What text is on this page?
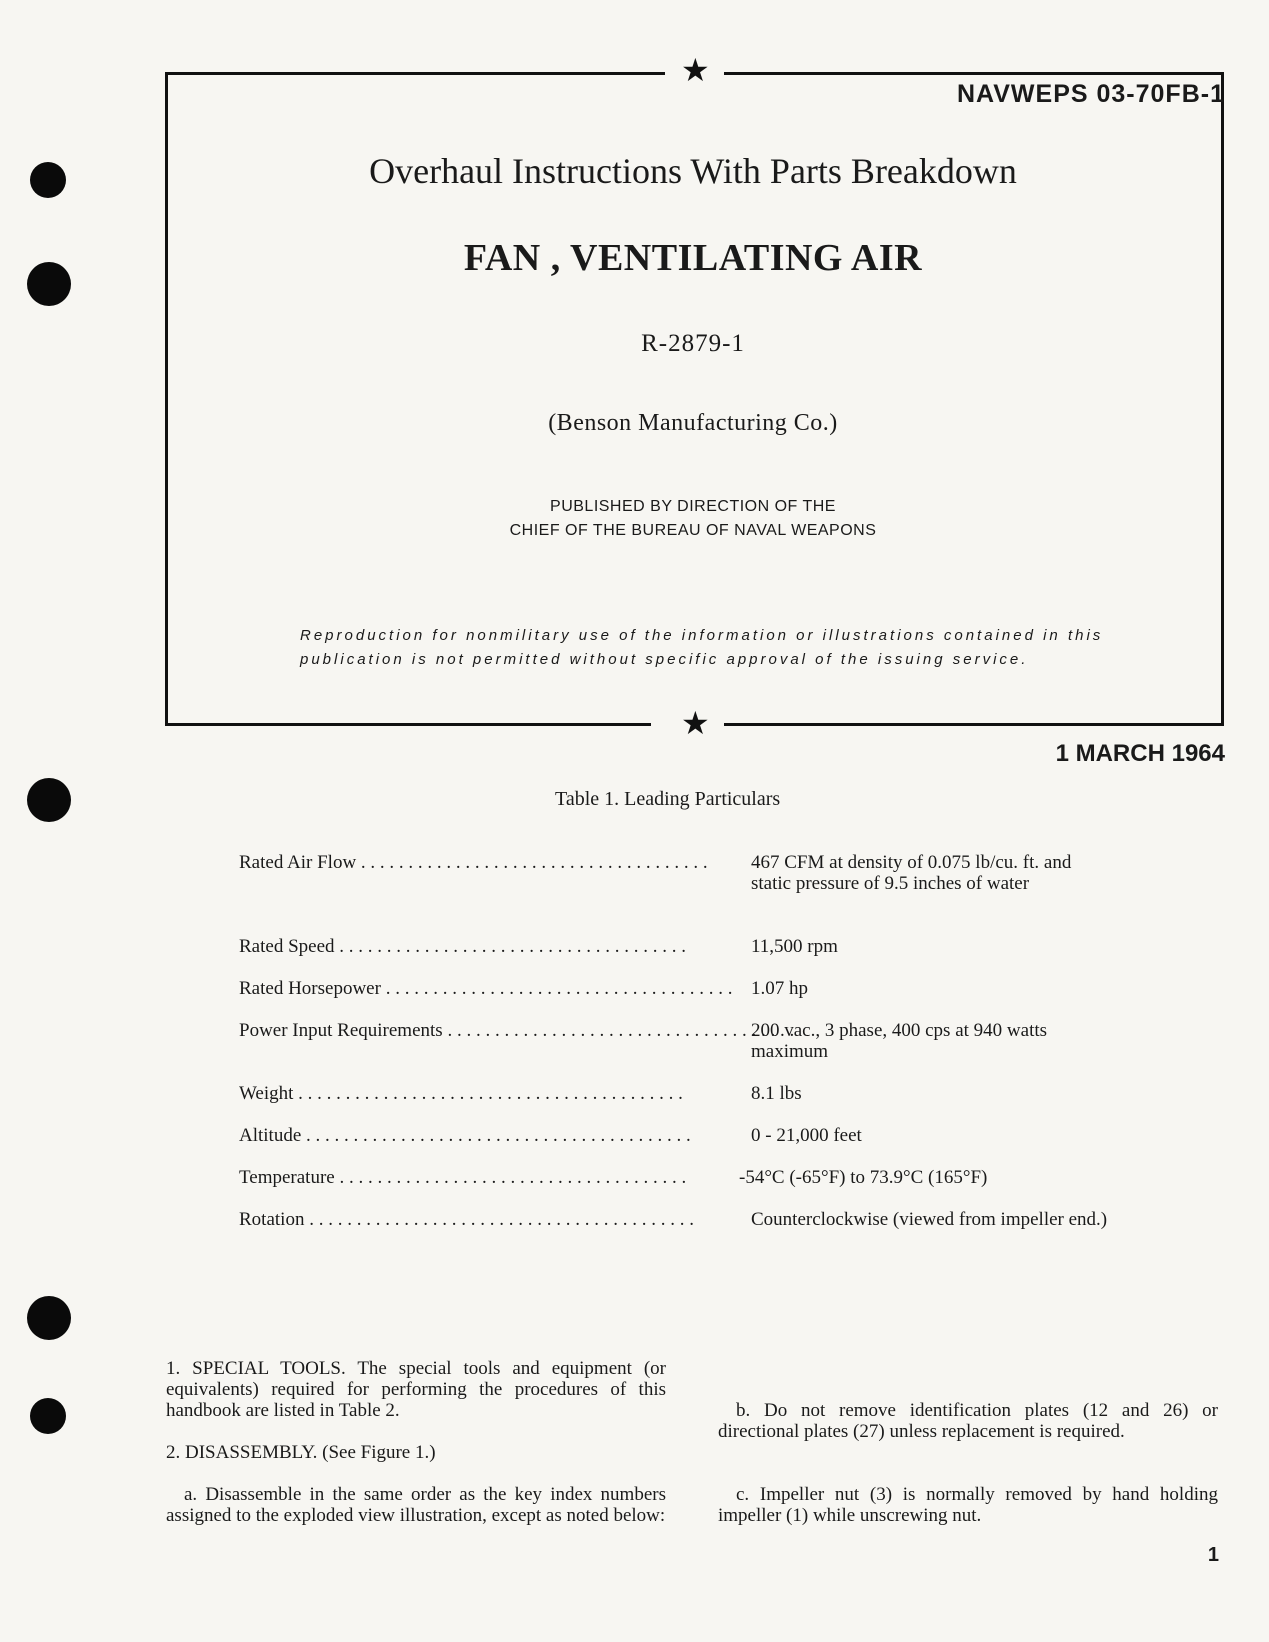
★
★
NAVWEPS 03-70FB-1
Overhaul Instructions With Parts Breakdown
FAN , VENTILATING AIR
R-2879-1
(Benson Manufacturing Co.)
PUBLISHED BY DIRECTION OF THE
CHIEF OF THE BUREAU OF NAVAL WEAPONS
Reproduction for nonmilitary use of the information or illustrations contained in this
publication is not permitted without specific approval of the issuing service.
1 MARCH 1964
Table 1. Leading Particulars
Rated Air Flow . . . . . . . . . . . . . . . . . . . . . . . . . . . . . . . . . . . . .	467 CFM at density of 0.075 lb/cu. ft. and static pressure of 9.5 inches of water
Rated Speed . . . . . . . . . . . . . . . . . . . . . . . . . . . . . . . . . . . . .	11,500 rpm
Rated Horsepower . . . . . . . . . . . . . . . . . . . . . . . . . . . . . . . . . . . . . 1.07 hp
Power Input Requirements . . . . . . . . . . . . . . . . . . . . . . . . . . . . . . . . . . . . .
200 vac., 3 phase, 400 cps at 940 watts maximum
Weight . . . . . . . . . . . . . . . . . . . . . . . . . . . . . . . . . . . . . . . . .	8.1 lbs
Altitude . . . . . . . . . . . . . . . . . . . . . . . . . . . . . . . . . . . . . . . . .	0 - 21,000 feet
Temperature . . . . . . . . . . . . . . . . . . . . . . . . . . . . . . . . . . . . .	-54°C (-65°F) to 73.9°C (165°F)
Rotation . . . . . . . . . . . . . . . . . . . . . . . . . . . . . . . . . . . . . . . . .	Counterclockwise (viewed from impeller end.)
1. SPECIAL TOOLS. The special tools and equipment (or equivalents) required for performing the procedures of this handbook are listed in Table 2.
2. DISASSEMBLY. (See Figure 1.)
a. Disassemble in the same order as the key index numbers assigned to the exploded view illustration, except as noted below:
b. Do not remove identification plates (12 and 26) or directional plates (27) unless replacement is required.
c. Impeller nut (3) is normally removed by hand holding impeller (1) while unscrewing nut.
1
